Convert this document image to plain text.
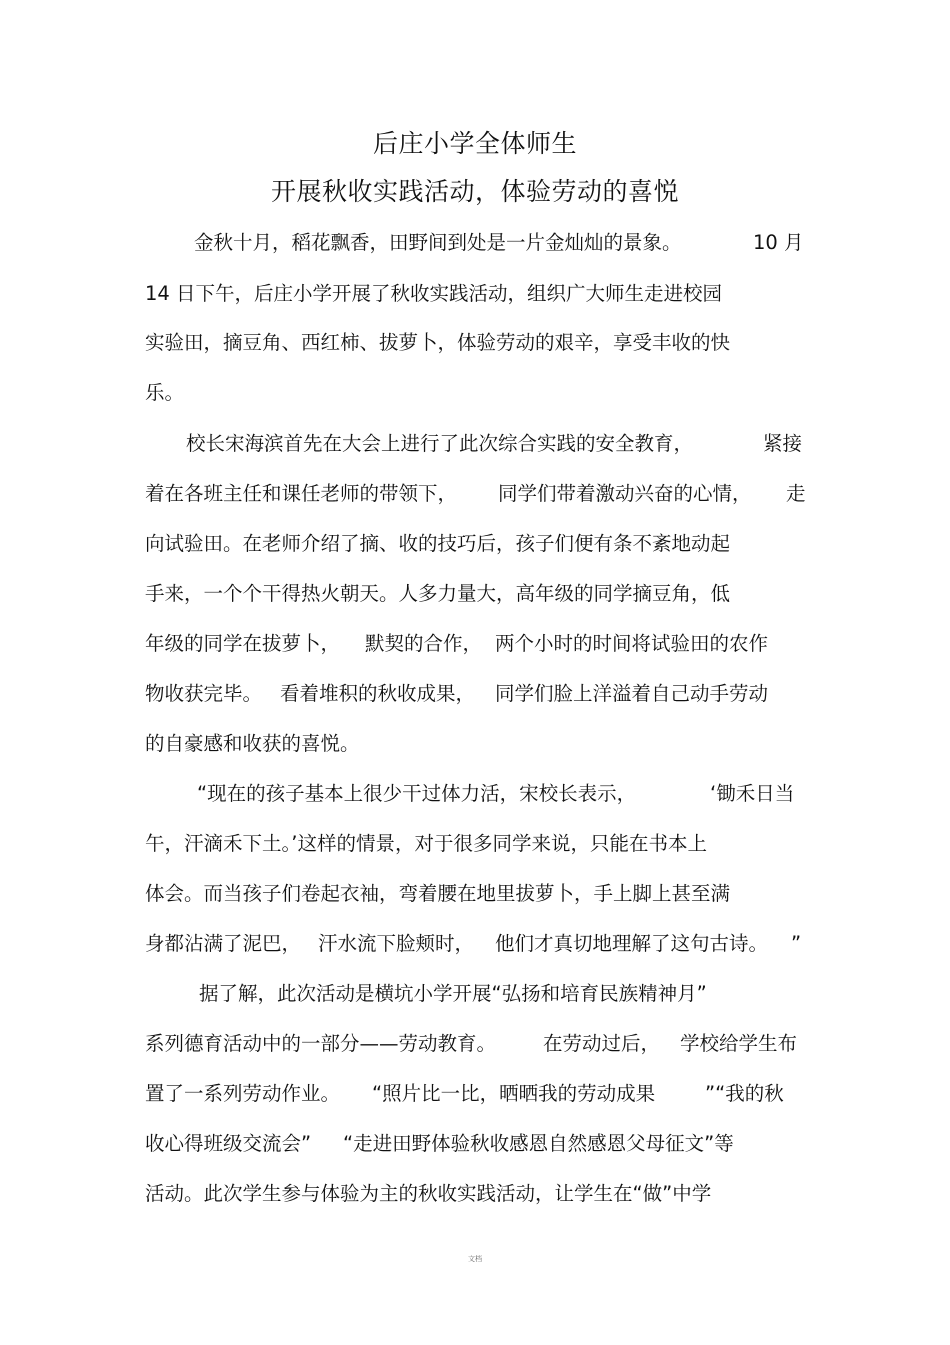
后庄小学全体师生
开展秋收实践活动，体验劳动的喜悦
金秋十月，稻花飘香，田野间到处是一片金灿灿的景象。	10 月
14 日下午，后庄小学开展了秋收实践活动，组织广大师生走进校园
实验田，摘豆角、西红柿、拔萝卜，体验劳动的艰辛，享受丰收的快
乐。
校长宋海滨首先在大会上进行了此次综合实践的安全教育，	紧接
着在各班主任和课任老师的带领下， 同学们带着激动兴奋的心情， 走
向试验田。在老师介绍了摘、收的技巧后，孩子们便有条不紊地动起
手来，一个个干得热火朝天。人多力量大，高年级的同学摘豆角，低
年级的同学在拔萝卜， 默契的合作， 两个小时的时间将试验田的农作
物收获完毕。 看着堆积的秋收成果， 同学们脸上洋溢着自己动手劳动
的自豪感和收获的喜悦。
“现在的孩子基本上很少干过体力活，宋校长表示，	‘锄禾日当
午，汗滴禾下土。’这样的情景，对于很多同学来说，只能在书本上
体会。而当孩子们卷起衣袖，弯着腰在地里拔萝卜，手上脚上甚至满
身都沾满了泥巴， 汗水流下脸颊时， 他们才真切地理解了这句古诗。 ”
据了解，此次活动是横坑小学开展“弘扬和培育民族精神月”
系列德育活动中的一部分——劳动教育。 在劳动过后， 学校给学生布
置了一系列劳动作业。 “照片比一比，晒晒我的劳动成果	”“我的秋
收心得班级交流会” “走进田野体验秋收感恩自然感恩父母征文”等
活动。此次学生参与体验为主的秋收实践活动，让学生在“做”中学
文档
